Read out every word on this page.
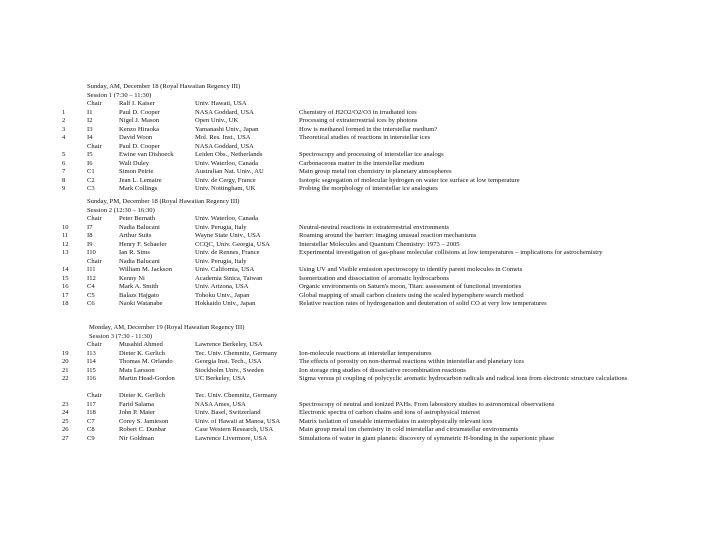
Sunday, AM, December 18 (Royal Hawaiian Regency III)
Session 1 (7:30 – 11:30)
Chair	Ralf I. Kaiser	Univ. Hawaii, USA
1	I1	Paul D. Cooper	NASA Goddard, USA	Chemistry of H2O2/O2/O3 in irradiated ices
2	I2	Nigel J. Mason	Open Univ., UK	Processing of extraterrestrial ices by photons
3	I3	Kenzo Hiraoka	Yamanashi Univ., Japan	How is methanol formed in the interstellar medium?
4	I4	David Woon	Mol. Res. Inst., USA	Theoretical studies of reactions in interstellar ices
Chair	Paul D. Cooper	NASA Goddard, USA
5	I5	Ewine van Dishoeck	Leiden Obs., Netherlands	Spectroscopy and processing of interstellar ice analogs
6	I6	Walt Duley	Univ. Waterloo, Canada	Carbonaceous matter in the interstellar medium
7	C1	Simon Petrie	Australian Nat. Univ., AU	Main group metal ion chemistry in planetary atmospheres
8	C2	Jean L. Lemaire	Univ. de Cergy, France	Isotopic segregation of molecular hydrogen on water ice surface at low temperature
9	C3	Mark Collings	Univ. Nottingham, UK	Probing the morphology of interstellar ice analogues
Sunday, PM, December 18 (Royal Hawaiian Regency III)
Session 2 (12:30 – 16:30)
Chair	Peter Bernath	Univ. Waterloo, Canada
10	I7	Nadia Balucani	Univ. Perugia, Italy	Neutral-neutral reactions in extraterrestrial environments
11	I8	Arthur Suits	Wayne State Univ., USA	Roaming around the barrier: imaging unusual reaction mechanisms
12	I9	Henry F. Schaefer	CCQC, Univ. Georgia, USA	Interstellar Molecules and Quantum Chemistry: 1973 – 2005
13	I10	Ian R. Sims	Univ. de Rennes, France	Experimental investigation of gas-phase molecular collisions at low temperatures – implications for astrochemistry
Chair	Nadia Balucani	Univ. Perugia, Italy
14	I11	William M. Jackson	Univ. California, USA	Using UV and Visible emission spectroscopy to identify parent molecules in Comets
15	I12	Kenny Ni	Academia Sinica, Taiwan	Isomerization and dissociation of aromatic hydrocarbons
16	C4	Mark A. Smith	Univ. Arizona, USA	Organic environments on Saturn's moon, Titan: assessment of functional inventories
17	C5	Balazs Hajgato	Tohoku Univ., Japan	Global mapping of small carbon clusters using the scaled hypersphere search method
18	C6	Naoki Watanabe	Hokkaido Univ., Japan	Relative reaction rates of hydrogenation and deuteration of solid CO at very low temperatures
Monday, AM, December 19 (Royal Hawaiian Regency III)
Session 3 (7:30 - 11:30)
Chair	Musahid Ahmed	Lawrence Berkeley, USA
19	I13	Dieter K. Gerlich	Tec. Univ. Chemnitz, Germany	Ion-molecule reactions at interstellar temperatures
20	I14	Thomas M. Orlando	Georgia Inst. Tech., USA	The effects of porosity on non-thermal reactions within interstellar and planetary ices
21	I15	Mats Larsson	Stockholm Univ., Sweden	Ion storage ring studies of dissociative recombination reactions
22	I16	Martin Head-Gordon	UC Berkeley, USA	Sigma versus pi coupling of polycyclic aromatic hydrocarbon radicals and radical ions from electronic structure calculations
Chair	Dieter K. Gerlich	Tec. Univ. Chemnitz, Germany
23	I17	Farid Salama	NASA Ames, USA	Spectroscopy of neutral and ionized PAHs. From laboratory studies to astronomical observations
24	I18	John P. Maier	Univ. Basel, Switzerland	Electronic spectra of carbon chains and ions of astrophysical interest
25	C7	Corey S. Jamieson	Univ. of Hawaii at Manoa, USA	Matrix isolation of unstable intermediates in astrophysically relevant ices
26	C8	Robert C. Dunbar	Case Western Research, USA	Main group metal ion chemistry in cold interstellar and circumstellar environments
27	C9	Nir Goldman	Lawrence Livermore, USA	Simulations of water in giant planets: discovery of symmetric H-bonding in the superionic phase
